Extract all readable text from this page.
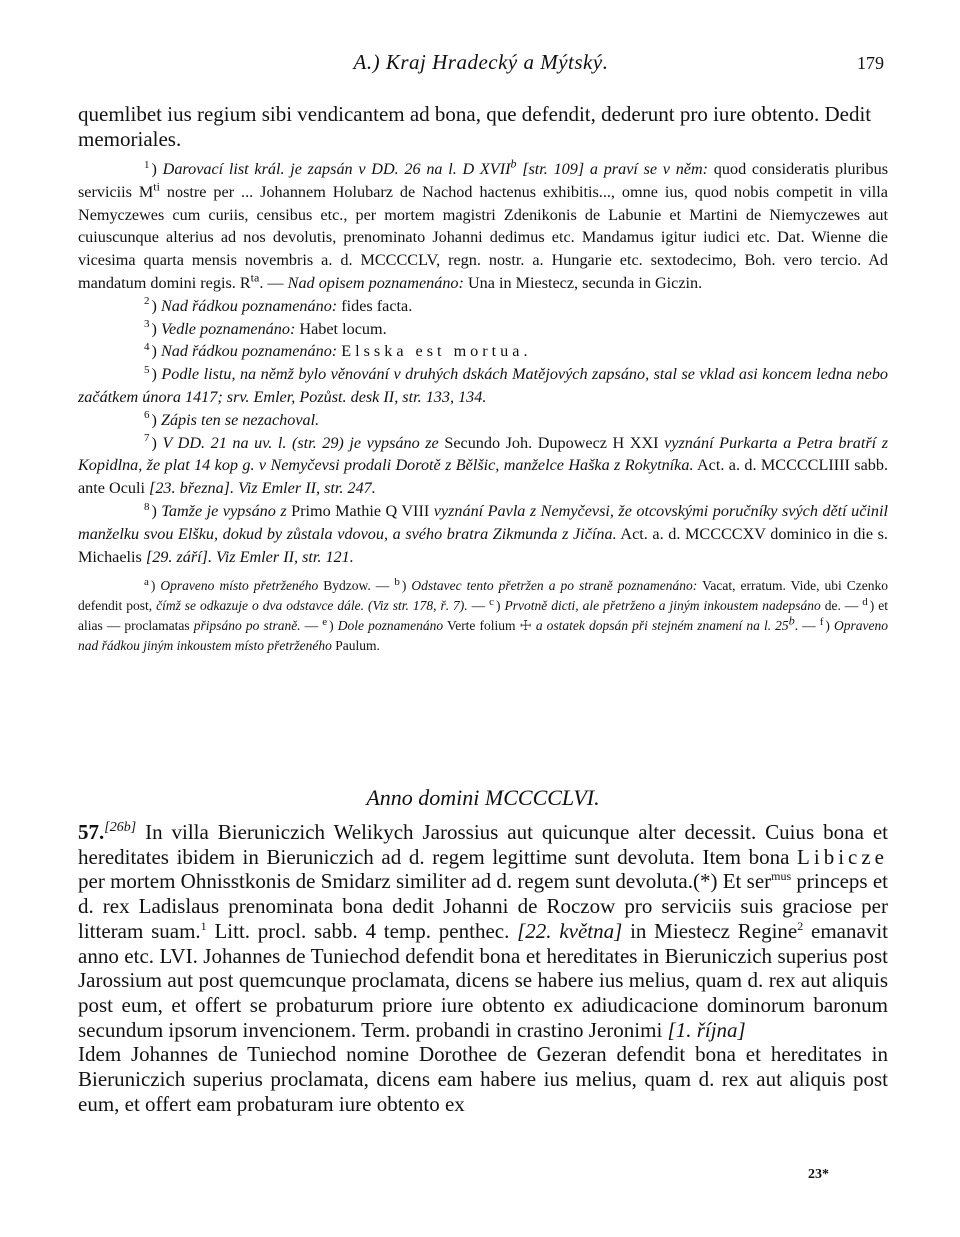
A.) Kraj Hradecký a Mýtský.	179

quemlibet ius regium sibi vendicantem ad bona, que defendit, dederunt pro iure obtento. Dedit memoriales.

$^1$ ) Darovací list král. je zapsán v DD. 26 na l. D XVII$^b$ [str. 109] a praví se v něm: quod consideratis pluribus serviciis $M^{ti}$ nostre per ... Johannem Holubarz de Nachod hactenus exhibitis..., omne ius, quod nobis competit in villa Nemyczewes cum curiis, censibus etc., per mortem magistri Zdenikonis de Labunie et Martini de Niemyczewes aut cuiuscunque alterius ad nos devolutis, prenominato Johanni dedimus etc. Mandamus igitur iudici etc. Dat. Wienne die vicesima quarta mensis novembris a. d. MCCCCLV, regn. nostr. a. Hungarie etc. sextodecimo, Boh. vero tercio. Ad mandatum domini regis. $R^{ta}$. — Nad opisem poznamenáno: Una in Miestecz, secunda in Giczin.

$^2$ ) Nad řádkou poznamenáno: fides facta.

$^3$ ) Vedle poznamenáno: Habet locum.

$^4$ ) Nad řádkou poznamenáno: Elsska est mortua.

$^5$ ) Podle listu, na němž bylo věnování v druhých dskách Matějových zapsáno, stal se vklad asi koncem ledna nebo začátkem února 1417; srv. Emler, Pozůst. desk II, str. 133, 134.

$^6$ ) Zápis ten se nezachoval.

$^7$ ) V DD. 21 na uv. l. (str. 29) je vypsáno ze Secundo Joh. Dupowecz H XXI vyznání Purkarta a Petra bratří z Kopidlna, že plat 14 kop g. v Nemyčevsi prodali Dorotě z Bělšic, manželce Haška z Rokytníka. Act. a. d. MCCCCLIIII sabb. ante Oculi [23. března]. Viz Emler II, str. 247.

$^8$ ) Tamže je vypsáno z Primo Mathie Q VIII vyznání Pavla z Nemyčevsi, že otcovskými poručníky svých dětí učinil manželku svou Elšku, dokud by zůstala vdovou, a svého bratra Zikmunda z Jičína. Act. a. d. MCCCCXV dominico in die s. Michaelis [29. září]. Viz Emler II, str. 121.

$^a$ ) Opraveno místo přetrženého Bydzow. — $^b$ ) Odstavec tento přetržen a po straně poznamenáno: Vacat, erratum. Vide, ubi Czenko defendit post, čímž se odkazuje o dva odstavce dále. (Viz str. 178, ř. 7). — $^c$ ) Prvotně dicti, ale přetrženo a jiným inkoustem nadepsáno de. — $^d$ ) et alias — proclamatas připsáno po straně. — $^e$ ) Dole poznamenáno Verte folium ☩ a ostatek dopsán při stejném znamení na l. 25$^b$. — $^f$ ) Opraveno nad řádkou jiným inkoustem místo přetrženého Paulum.

Anno domini MCCCCLVI.

57.[26b] In villa Bieruniczich Welikych Jarossius aut quicunque alter decessit. Cuius bona et hereditates ibidem in Bieruniczich ad d. regem legittime sunt devoluta. Item bona Libicze per mortem Ohnisstkonis de Smidarz similiter ad d. regem sunt devoluta.(*) Et ser$^{mus}$ princeps et d. rex Ladislaus prenominata bona dedit Johanni de Roczow pro serviciis suis graciose per litteram suam.$^1$ Litt. procl. sabb. 4 temp. penthec. [22. května] in Miestecz Regine$^2$ emanavit anno etc. LVI. Johannes de Tuniechod defendit bona et hereditates in Bieruniczich superius post Jarossium aut post quemcunque proclamata, dicens se habere ius melius, quam d. rex aut aliquis post eum, et offert se probaturum priore iure obtento ex adiudicacione dominorum baronum secundum ipsorum invencionem. Term. probandi in crastino Jeronimi [1. října]

Idem Johannes de Tuniechod nomine Dorothee de Gezeran defendit bona et hereditates in Bieruniczich superius proclamata, dicens eam habere ius melius, quam d. rex aut aliquis post eum, et offert eam probaturam iure obtento ex

23*
